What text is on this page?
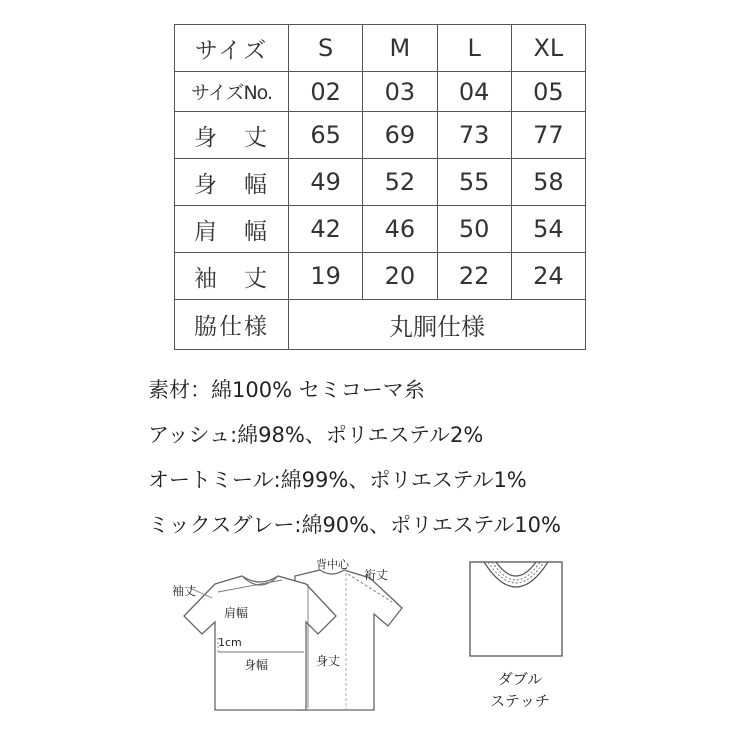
サイズ	S	M	L	XL
サイズNo.	02	03	04	05
身　丈	65	69	73	77
身　幅	49	52	55	58
肩　幅	42	46	50	54
袖　丈	19	20	22	24
脇仕様	丸胴仕様			
素材：綿100% セミコーマ糸
アッシュ:綿98%、ポリエステル2%
オートミール:綿99%、ポリエステル1%
ミックスグレー:綿90%、ポリエステル10%
袖丈
肩幅
1cm
身幅	身丈
背中心
裄丈
ダブル
ステッチ
